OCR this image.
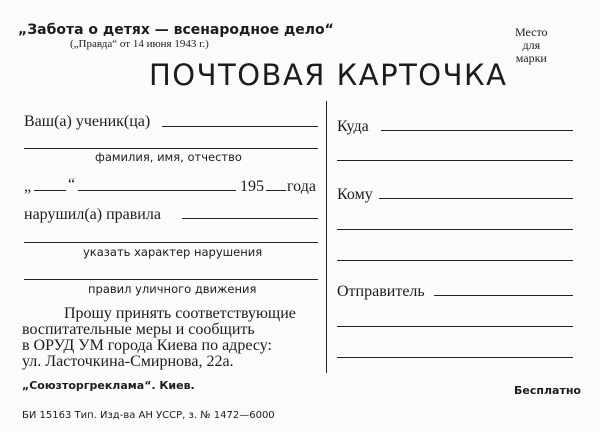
„Забота о детях — всенародное дело“
(„Правда“ от 14 июня 1943 г.)
Место
для
марки
ПОЧТОВАЯ КАРТОЧКА
Ваш(а) ученик(ца)
фамилия, имя, отчество
„ “	195 года
нарушил(а) правила
указать характер нарушения
правил уличного движения
Прошу принять соответствующие
воспитательные меры и сообщить
в ОРУД УМ города Киева по адресу:
ул. Ласточкина-Смирнова, 22а.
Куда
Кому
Отправитель
„Союзторгреклама“. Киев.	Бесплатно
БИ 15163 Тип. Изд-ва АН УССР, з. № 1472—6000
